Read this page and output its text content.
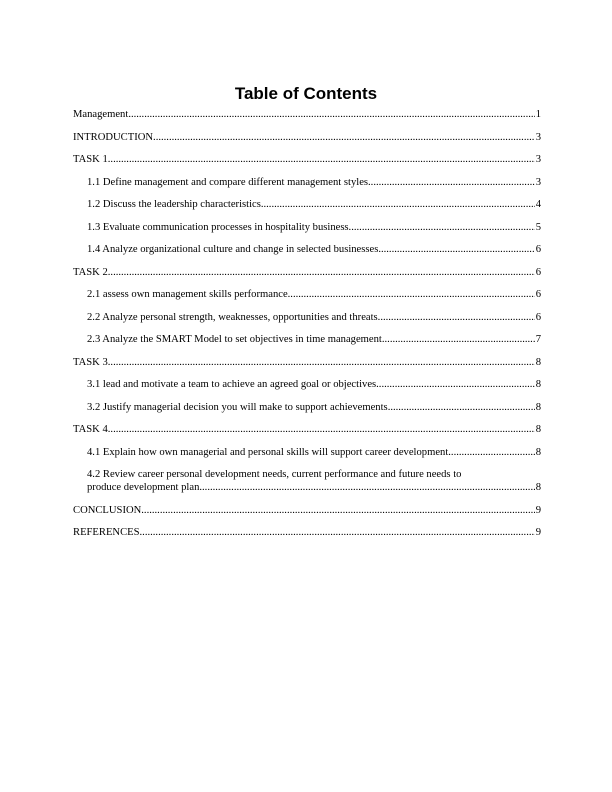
Table of Contents
Management .....	1
INTRODUCTION .....	3
TASK 1 .....	3
1.1 Define management and compare different management styles .....	3
1.2 Discuss the leadership characteristics .....	4
1.3 Evaluate communication processes in hospitality business. .....	5
1.4 Analyze organizational culture and change in selected businesses. .....	6
TASK 2 .....	6
2.1 assess own management skills performance .....	6
2.2 Analyze personal strength, weaknesses, opportunities and threats .....	6
2.3 Analyze the SMART Model to set objectives in time management. .....	7
TASK 3 .....	8
3.1 lead and motivate a team to achieve an agreed goal or objectives. .....	8
3.2 Justify managerial decision you will make to support achievements .....	8
TASK 4 .....	8
4.1 Explain how own managerial and personal skills will support career development .....	8
4.2 Review career personal development needs, current performance and future needs to
produce development plan. .....	8
CONCLUSION .....	9
REFERENCES .....	9
